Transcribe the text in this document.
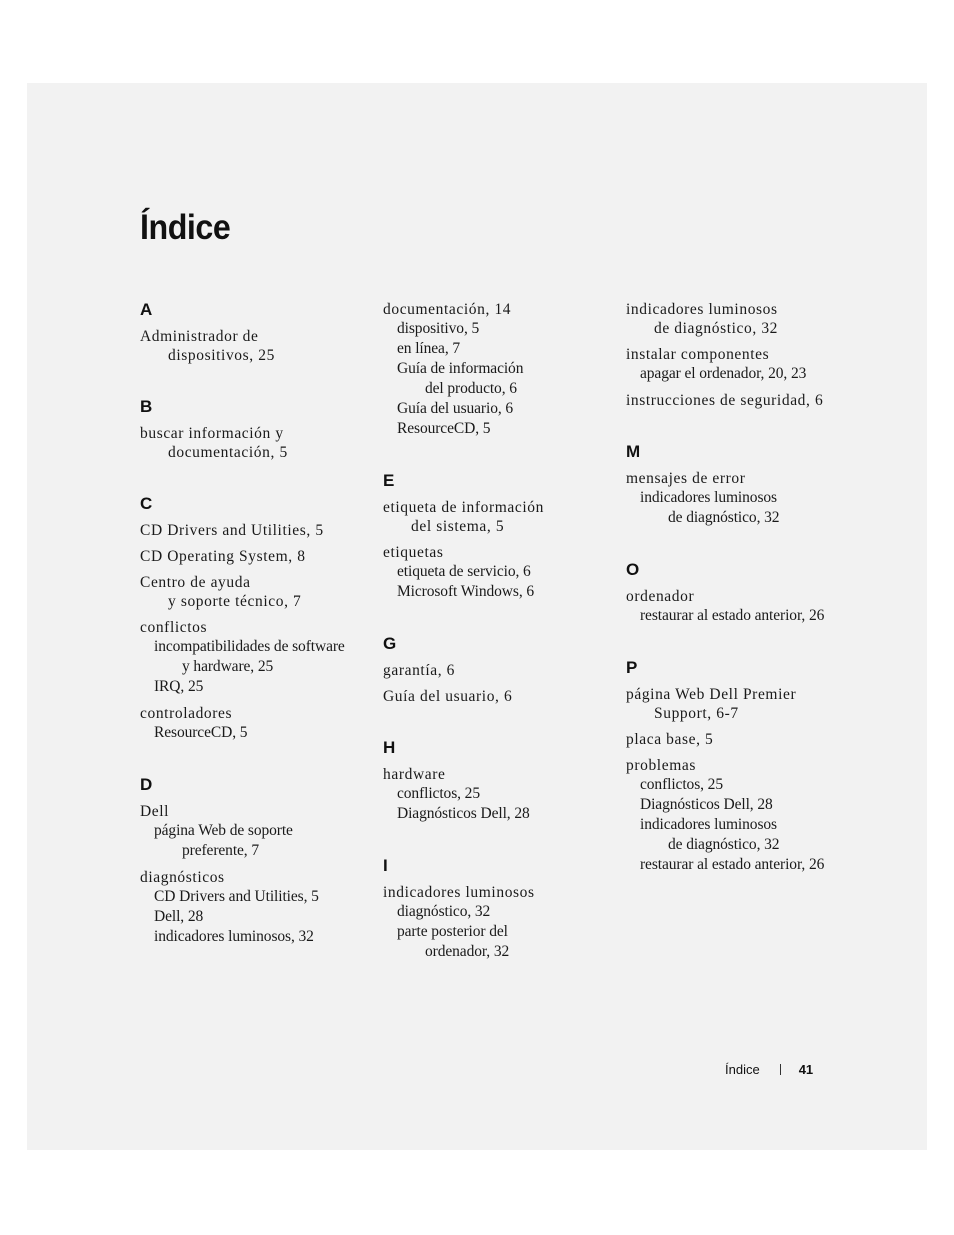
Índice
A
Administrador de
dispositivos, 25
B
buscar información y
documentación, 5
C
CD Drivers and Utilities, 5
CD Operating System, 8
Centro de ayuda
y soporte técnico, 7
conflictos
incompatibilidades de software
y hardware, 25
IRQ, 25
controladores
ResourceCD, 5
D
Dell
página Web de soporte
preferente, 7
diagnósticos
CD Drivers and Utilities, 5
Dell, 28
indicadores luminosos, 32
documentación, 14
dispositivo, 5
en línea, 7
Guía de información
del producto, 6
Guía del usuario, 6
ResourceCD, 5
E
etiqueta de información
del sistema, 5
etiquetas
etiqueta de servicio, 6
Microsoft Windows, 6
G
garantía, 6
Guía del usuario, 6
H
hardware
conflictos, 25
Diagnósticos Dell, 28
I
indicadores luminosos
diagnóstico, 32
parte posterior del
ordenador, 32
indicadores luminosos
de diagnóstico, 32
instalar componentes
apagar el ordenador, 20, 23
instrucciones de seguridad, 6
M
mensajes de error
indicadores luminosos
de diagnóstico, 32
O
ordenador
restaurar al estado anterior, 26
P
página Web Dell Premier
Support, 6-7
placa base, 5
problemas
conflictos, 25
Diagnósticos Dell, 28
indicadores luminosos
de diagnóstico, 32
restaurar al estado anterior, 26
Índice	41
